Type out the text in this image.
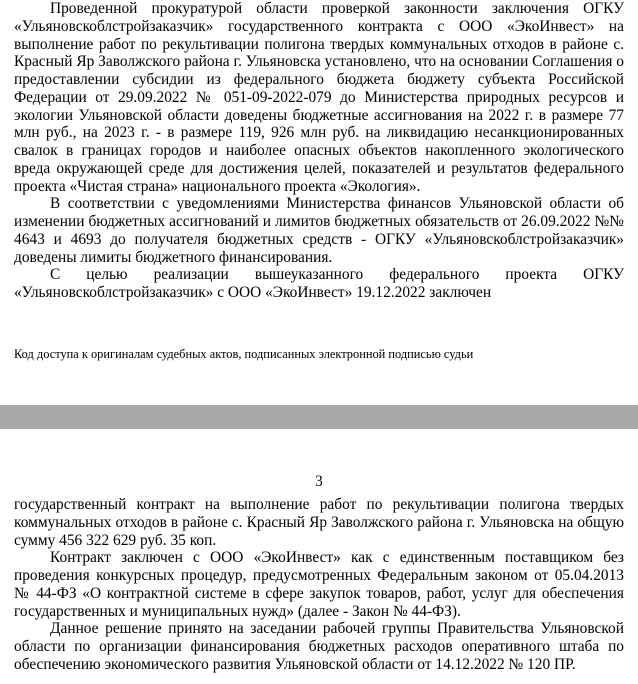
Проведенной прокуратурой области проверкой законности заключения ОГКУ «Ульяновскоблстройзаказчик» государственного контракта с ООО «ЭкоИнвест» на выполнение работ по рекультивации полигона твердых коммунальных отходов в районе с. Красный Яр Заволжского района г. Ульяновска установлено, что на основании Соглашения о предоставлении субсидии из федерального бюджета бюджету субъекта Российской Федерации от 29.09.2022 № 051-09-2022-079 до Министерства природных ресурсов и экологии Ульяновской области доведены бюджетные ассигнования на 2022 г. в размере 77 млн руб., на 2023 г. - в размере 119, 926 млн руб. на ликвидацию несанкционированных свалок в границах городов и наиболее опасных объектов накопленного экологического вреда окружающей среде для достижения целей, показателей и результатов федерального проекта «Чистая страна» национального проекта «Экология».

В соответствии с уведомлениями Министерства финансов Ульяновской области об изменении бюджетных ассигнований и лимитов бюджетных обязательств от 26.09.2022 №№ 4643 и 4693 до получателя бюджетных средств - ОГКУ «Ульяновскоблстройзаказчик» доведены лимиты бюджетного финансирования.

С целью реализации вышеуказанного федерального проекта ОГКУ «Ульяновскоблстройзаказчик» с ООО «ЭкоИнвест» 19.12.2022 заключен

Код доступа к оригиналам судебных актов, подписанных электронной подписью судьи
3

государственный контракт на выполнение работ по рекультивации полигона твердых коммунальных отходов в районе с. Красный Яр Заволжского района г. Ульяновска на общую сумму 456 322 629 руб. 35 коп.

Контракт заключен с ООО «ЭкоИнвест» как с единственным поставщиком без проведения конкурсных процедур, предусмотренных Федеральным законом от 05.04.2013 № 44-ФЗ «О контрактной системе в сфере закупок товаров, работ, услуг для обеспечения государственных и муниципальных нужд» (далее - Закон № 44-ФЗ).

Данное решение принято на заседании рабочей группы Правительства Ульяновской области по организации финансирования бюджетных расходов оперативного штаба по обеспечению экономического развития Ульяновской области от 14.12.2022 № 120 ПР.
